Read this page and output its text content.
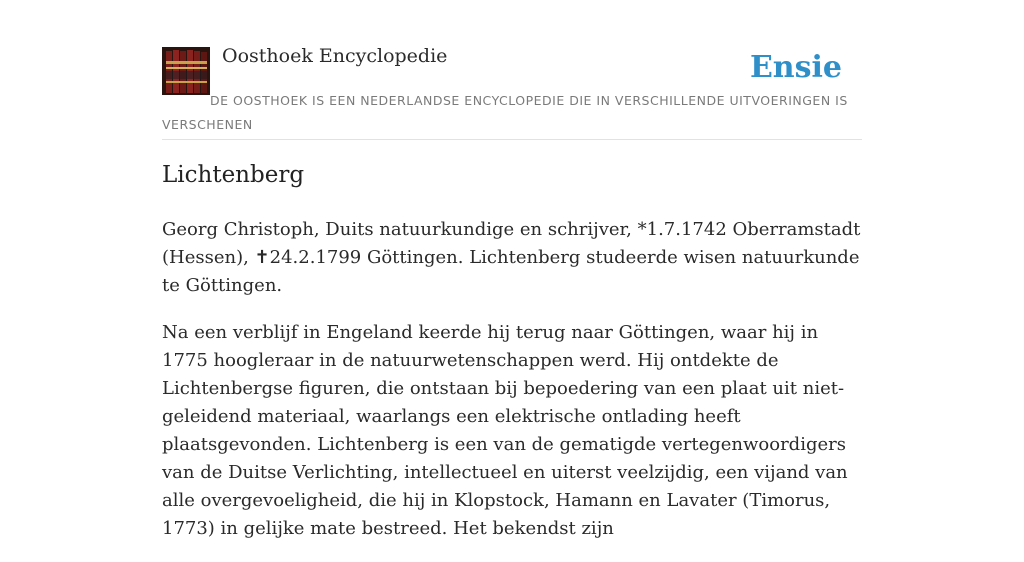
Oosthoek Encyclopedie	Ensie
DE OOSTHOEK IS EEN NEDERLANDSE ENCYCLOPEDIE DIE IN VERSCHILLENDE UITVOERINGEN IS VERSCHENEN
Lichtenberg

Georg Christoph, Duits natuurkundige en schrijver, *1.7.1742 Oberramstadt (Hessen), ✝24.2.1799 Göttingen. Lichtenberg studeerde wisen natuurkunde te Göttingen.

Na een verblijf in Engeland keerde hij terug naar Göttingen, waar hij in 1775 hoogleraar in de natuurwetenschappen werd. Hij ontdekte de Lichtenbergse figuren, die ontstaan bij bepoedering van een plaat uit niet-geleidend materiaal, waarlangs een elektrische ontlading heeft plaatsgevonden. Lichtenberg is een van de gematigde vertegenwoordigers van de Duitse Verlichting, intellectueel en uiterst veelzijdig, een vijand van alle overgevoeligheid, die hij in Klopstock, Hamann en Lavater (Timorus, 1773) in gelijke mate bestreed. Het bekendst zijn
